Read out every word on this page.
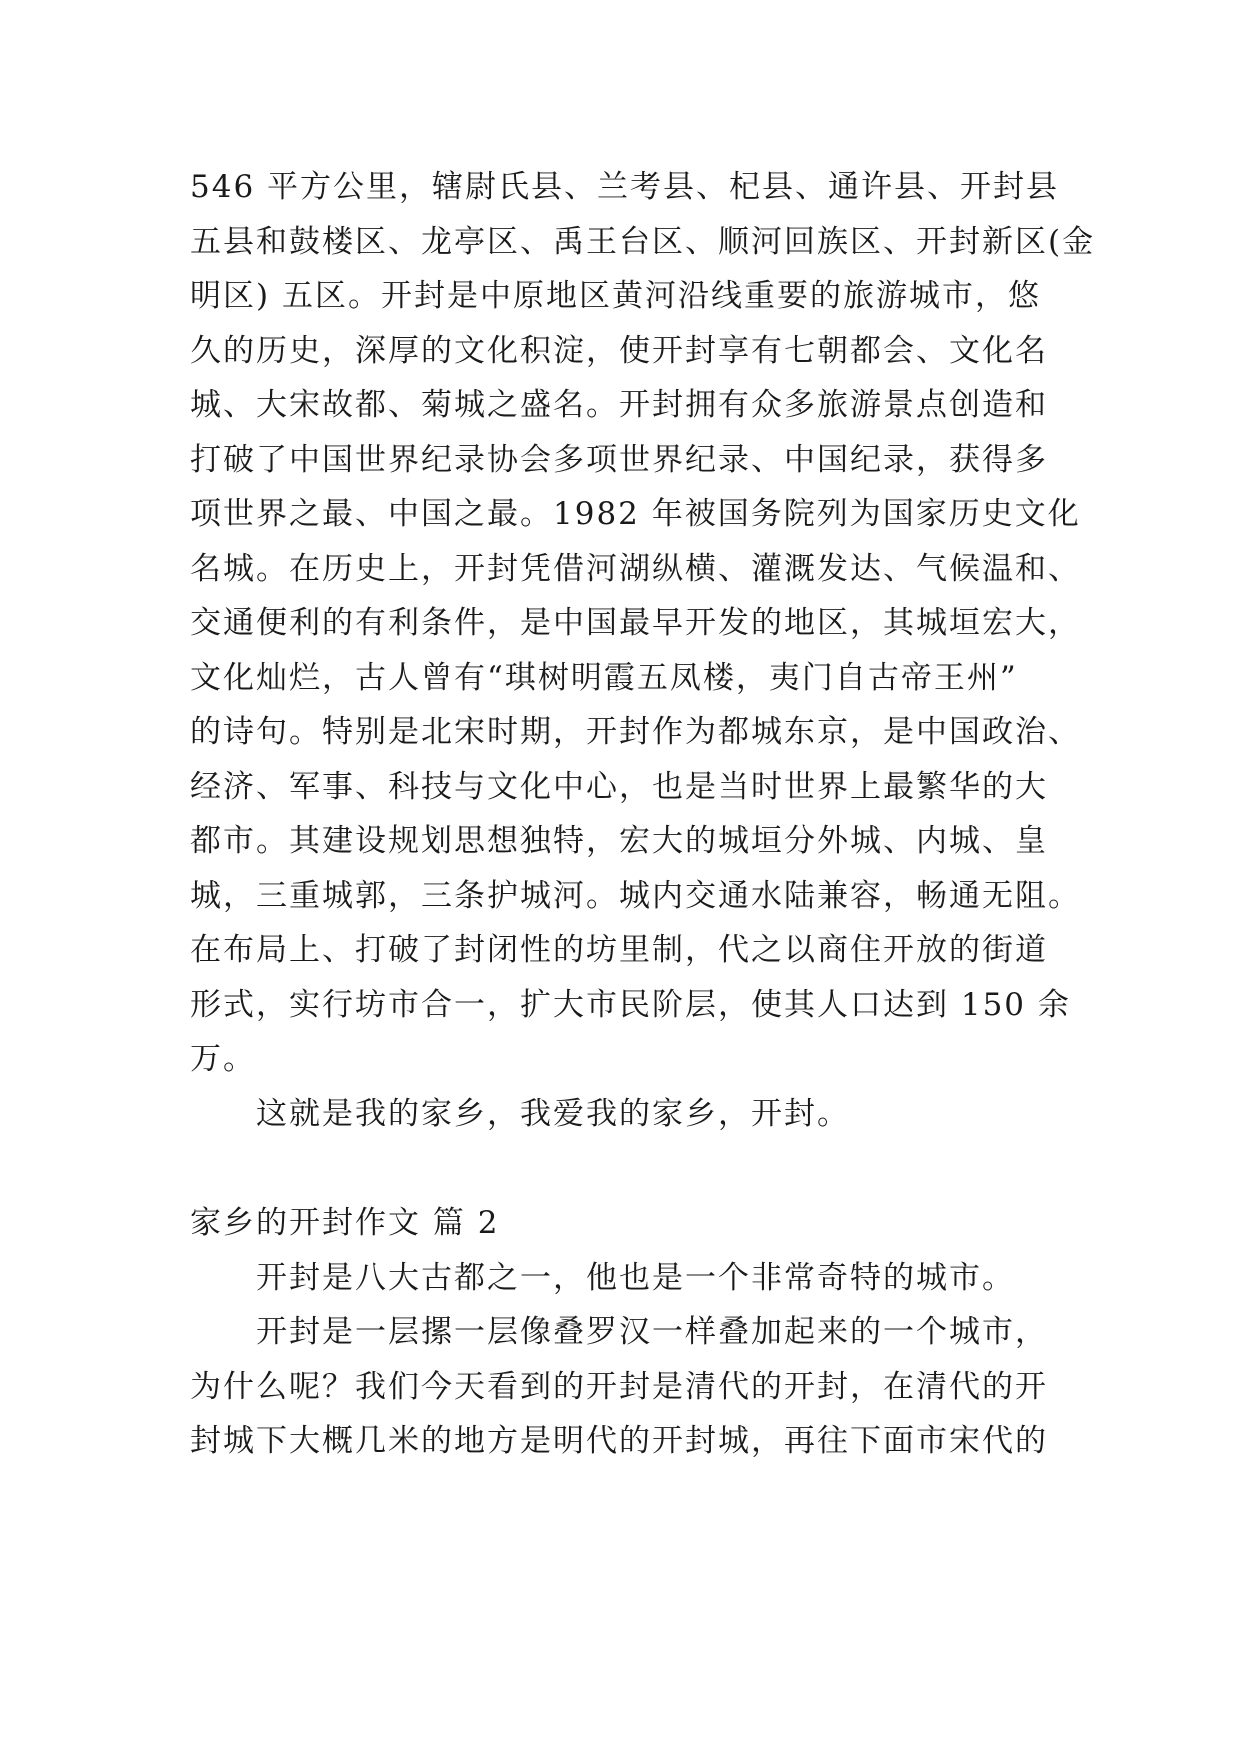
546 平方公里，辖尉氏县、兰考县、杞县、通许县、开封县
五县和鼓楼区、龙亭区、禹王台区、顺河回族区、开封新区(金
明区) 五区。开封是中原地区黄河沿线重要的旅游城市，悠
久的历史，深厚的文化积淀，使开封享有七朝都会、文化名
城、大宋故都、菊城之盛名。开封拥有众多旅游景点创造和
打破了中国世界纪录协会多项世界纪录、中国纪录，获得多
项世界之最、中国之最。1982 年被国务院列为国家历史文化
名城。在历史上，开封凭借河湖纵横、灌溉发达、气候温和、
交通便利的有利条件，是中国最早开发的地区，其城垣宏大，
文化灿烂，古人曾有“琪树明霞五凤楼，夷门自古帝王州”
的诗句。特别是北宋时期，开封作为都城东京，是中国政治、
经济、军事、科技与文化中心，也是当时世界上最繁华的大
都市。其建设规划思想独特，宏大的城垣分外城、内城、皇
城，三重城郭，三条护城河。城内交通水陆兼容，畅通无阻。
在布局上、打破了封闭性的坊里制，代之以商住开放的街道
形式，实行坊市合一，扩大市民阶层，使其人口达到 150 余
万。
这就是我的家乡，我爱我的家乡，开封。
家乡的开封作文 篇 2
开封是八大古都之一，他也是一个非常奇特的城市。
开封是一层摞一层像叠罗汉一样叠加起来的一个城市，
为什么呢？我们今天看到的开封是清代的开封，在清代的开
封城下大概几米的地方是明代的开封城，再往下面市宋代的
